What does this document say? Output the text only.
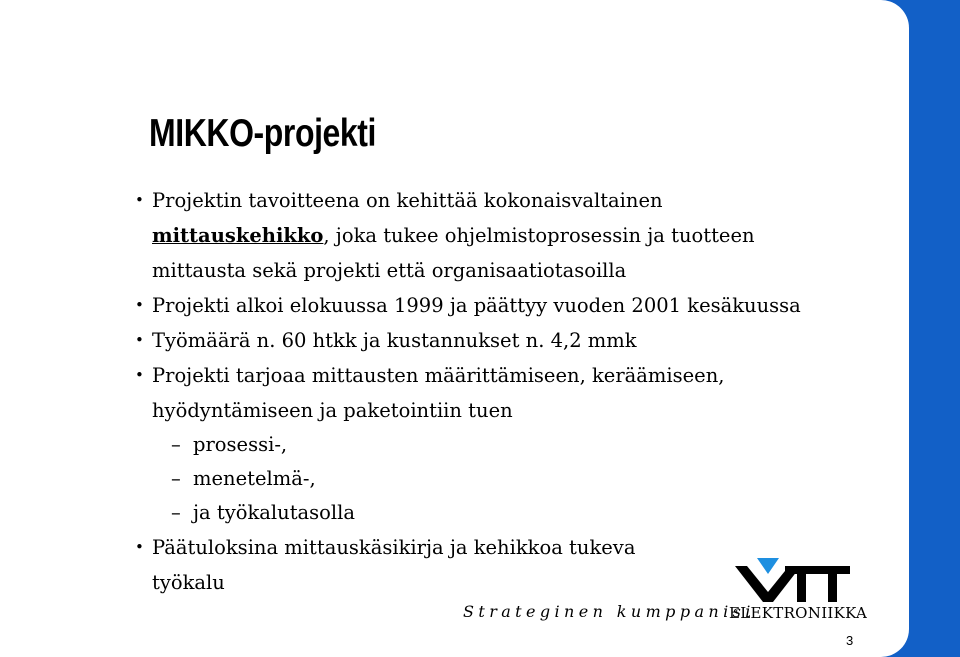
MIKKO-projekti
• Projektin tavoitteena on kehittää kokonaisvaltainen
mittauskehikko, joka tukee ohjelmistoprosessin ja tuotteen
mittausta sekä projekti että organisaatiotasoilla
• Projekti alkoi elokuussa 1999 ja päättyy vuoden 2001 kesäkuussa
• Työmäärä n. 60 htkk ja kustannukset n. 4,2 mmk
• Projekti tarjoaa mittausten määrittämiseen, keräämiseen,
hyödyntämiseen ja paketointiin tuen
– prosessi-,
– menetelmä-,
– ja työkalutasolla
• Päätuloksina mittauskäsikirja ja kehikkoa tukeva
työkalu
Strateginen kumppanisi
ELEKTRONIIKKA
3
